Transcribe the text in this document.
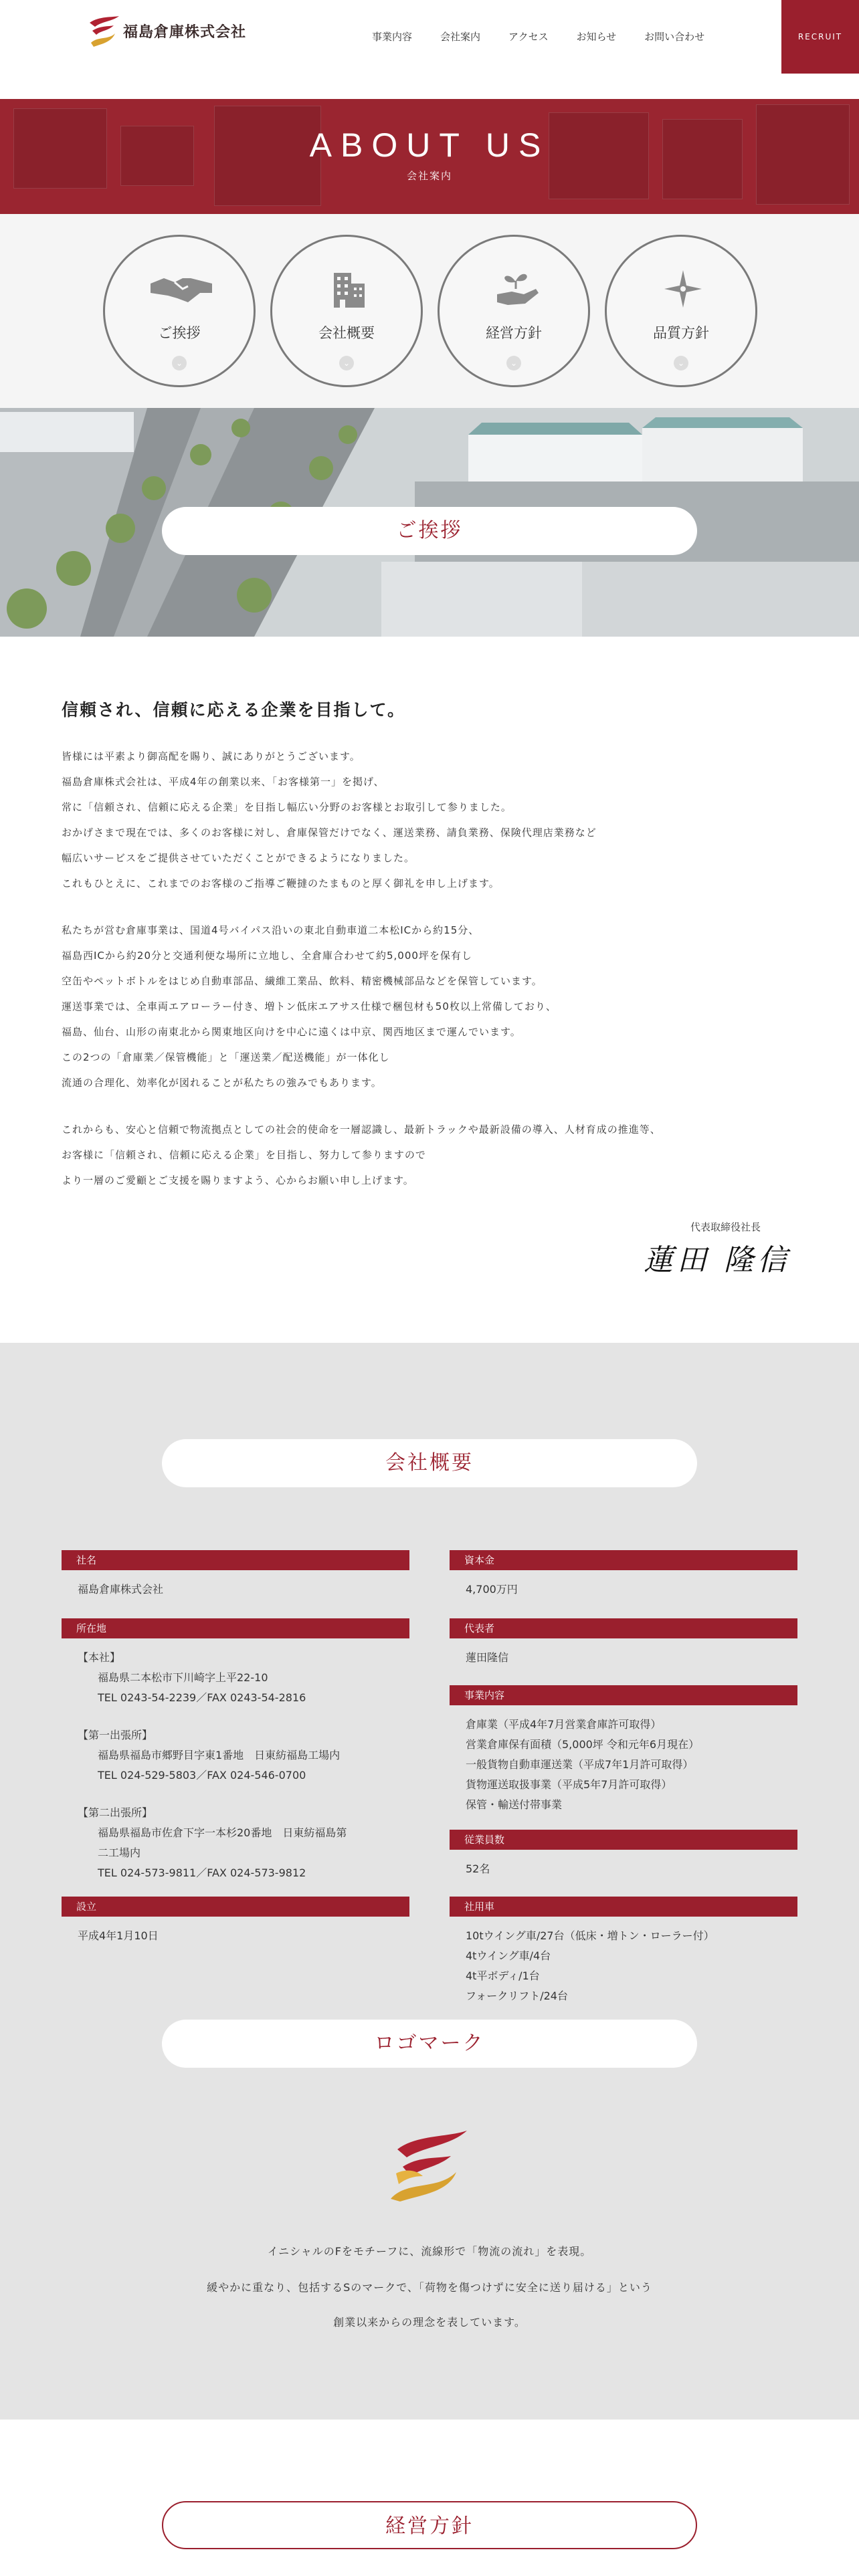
福島倉庫株式会社	事業内容	会社案内	アクセス	お知らせ	お問い合わせ	RECRUIT
ABOUT US
会社案内
ご挨拶
⌄
会社概要
⌄
経営方針
⌄
品質方針
⌄
ご挨拶
信頼され、信頼に応える企業を目指して。
皆様には平素より御高配を賜り、誠にありがとうございます。
福島倉庫株式会社は、平成4年の創業以来、「お客様第一」を掲げ、
常に「信頼され、信頼に応える企業」を目指し幅広い分野のお客様とお取引して参りました。
おかげさまで現在では、多くのお客様に対し、倉庫保管だけでなく、運送業務、請負業務、保険代理店業務など
幅広いサービスをご提供させていただくことができるようになりました。
これもひとえに、これまでのお客様のご指導ご鞭撻のたまものと厚く御礼を申し上げます。
私たちが営む倉庫事業は、国道4号バイパス沿いの東北自動車道二本松ICから約15分、
福島西ICから約20分と交通利便な場所に立地し、全倉庫合わせて約5,000坪を保有し
空缶やペットボトルをはじめ自動車部品、繊維工業品、飲料、精密機械部品などを保管しています。
運送事業では、全車両エアローラー付き、増トン低床エアサス仕様で梱包材も50枚以上常備しており、
福島、仙台、山形の南東北から関東地区向けを中心に遠くは中京、関西地区まで運んでいます。
この2つの「倉庫業／保管機能」と「運送業／配送機能」が一体化し
流通の合理化、効率化が図れることが私たちの強みでもあります。
これからも、安心と信頼で物流拠点としての社会的使命を一層認識し、最新トラックや最新設備の導入、人材育成の推進等、
お客様に「信頼され、信頼に応える企業」を目指し、努力して参りますので
より一層のご愛顧とご支援を賜りますよう、心からお願い申し上げます。
代表取締役社長
蓮田 隆信
会社概要
社名
福島倉庫株式会社
所在地
【本社】
福島県二本松市下川崎字上平22-10
TEL 0243-54-2239／FAX 0243-54-2816
【第一出張所】
福島県福島市郷野目字東1番地　日東紡福島工場内
TEL 024-529-5803／FAX 024-546-0700
【第二出張所】
福島県福島市佐倉下字一本杉20番地　日東紡福島第
二工場内
TEL 024-573-9811／FAX 024-573-9812
設立
平成4年1月10日
資本金
4,700万円
代表者
蓮田隆信
事業内容
倉庫業（平成4年7月営業倉庫許可取得）
営業倉庫保有面積（5,000坪 令和元年6月現在）
一般貨物自動車運送業（平成7年1月許可取得）
貨物運送取扱事業（平成5年7月許可取得）
保管・輸送付帯事業
従業員数
52名
社用車
10tウイング車/27台（低床・増トン・ローラー付）
4tウイング車/4台
4t平ボディ/1台
フォークリフト/24台
ロゴマーク
イニシャルのFをモチーフに、流線形で「物流の流れ」を表現。
緩やかに重なり、包括するSのマークで、「荷物を傷つけずに安全に送り届ける」という
創業以来からの理念を表しています。
経営方針
